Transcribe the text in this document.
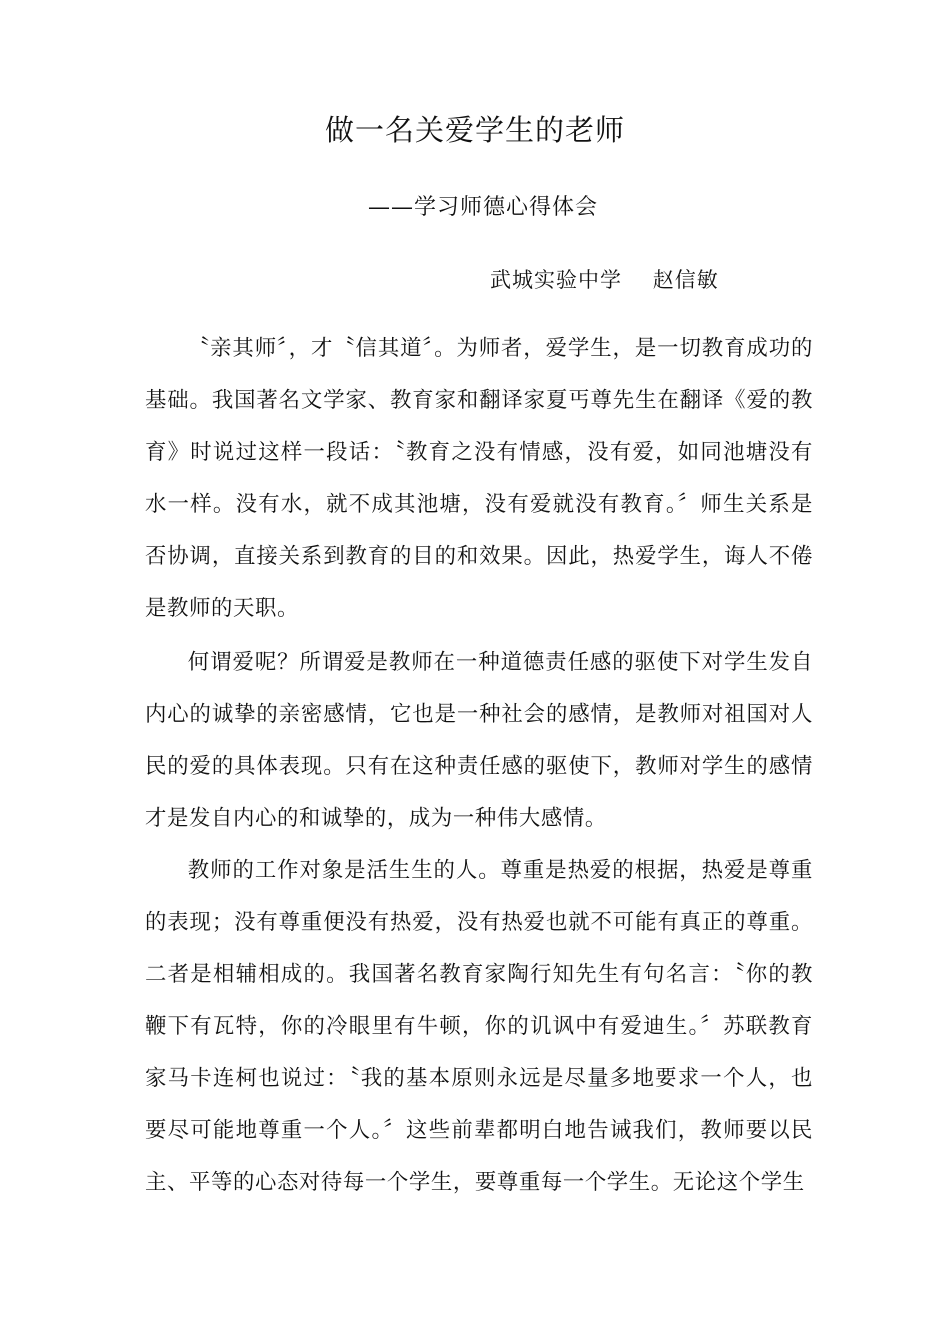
做一名关爱学生的老师
——学习师德心得体会
武城实验中学    赵信敏

〝亲其师〞，才〝信其道〞。为师者，爱学生，是一切教育成功的基础。我国著名文学家、教育家和翻译家夏丐尊先生在翻译《爱的教育》时说过这样一段话：〝教育之没有情感，没有爱，如同池塘没有水一样。没有水，就不成其池塘，没有爱就没有教育。〞师生关系是否协调，直接关系到教育的目的和效果。因此，热爱学生，诲人不倦是教师的天职。

何谓爱呢？所谓爱是教师在一种道德责任感的驱使下对学生发自内心的诚挚的亲密感情，它也是一种社会的感情，是教师对祖国对人民的爱的具体表现。只有在这种责任感的驱使下，教师对学生的感情才是发自内心的和诚挚的，成为一种伟大感情。

教师的工作对象是活生生的人。尊重是热爱的根据，热爱是尊重的表现；没有尊重便没有热爱，没有热爱也就不可能有真正的尊重。二者是相辅相成的。我国著名教育家陶行知先生有句名言：〝你的教鞭下有瓦特，你的冷眼里有牛顿，你的讥讽中有爱迪生。〞苏联教育家马卡连柯也说过：〝我的基本原则永远是尽量多地要求一个人，也要尽可能地尊重一个人。〞这些前辈都明白地告诫我们，教师要以民主、平等的心态对待每一个学生，要尊重每一个学生。无论这个学生
